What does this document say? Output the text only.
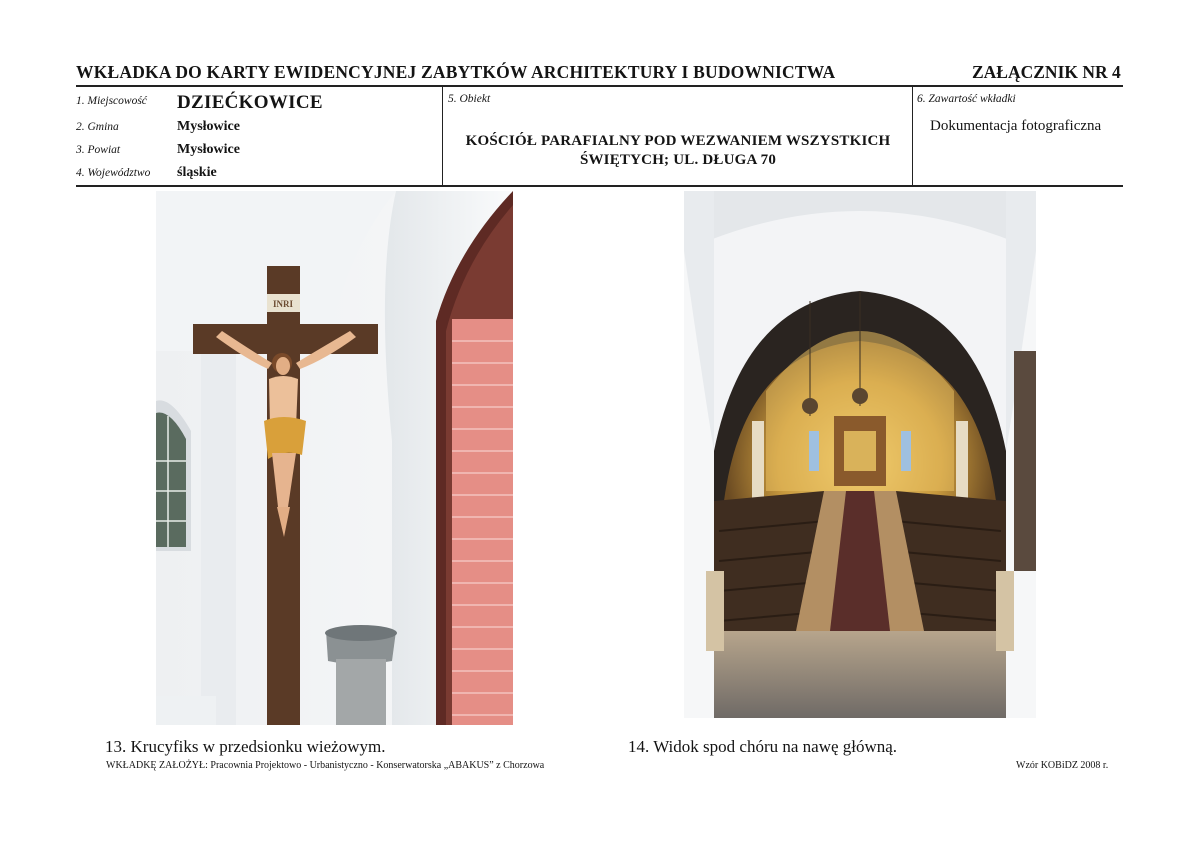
WKŁADKA DO KARTY EWIDENCYJNEJ ZABYTKÓW ARCHITEKTURY I BUDOWNICTWA	ZAŁĄCZNIK NR 4
1. Miejscowość DZIEĆKOWICE
2. Gmina	Mysłowice
3. Powiat	Mysłowice
4. Województwo śląskie
5. Obiekt
KOŚCIÓŁ PARAFIALNY POD WEZWANIEM WSZYSTKICH
ŚWIĘTYCH; UL. DŁUGA 70
6. Zawartość wkładki
Dokumentacja fotograficzna
INRI
13. Krucyfiks w przedsionku wieżowym.	14. Widok spod chóru na nawę główną.
WKŁADKĘ ZAŁOŻYŁ: Pracownia Projektowo - Urbanistyczno - Konserwatorska „ABAKUS” z Chorzowa	Wzór KOBiDZ 2008 r.
